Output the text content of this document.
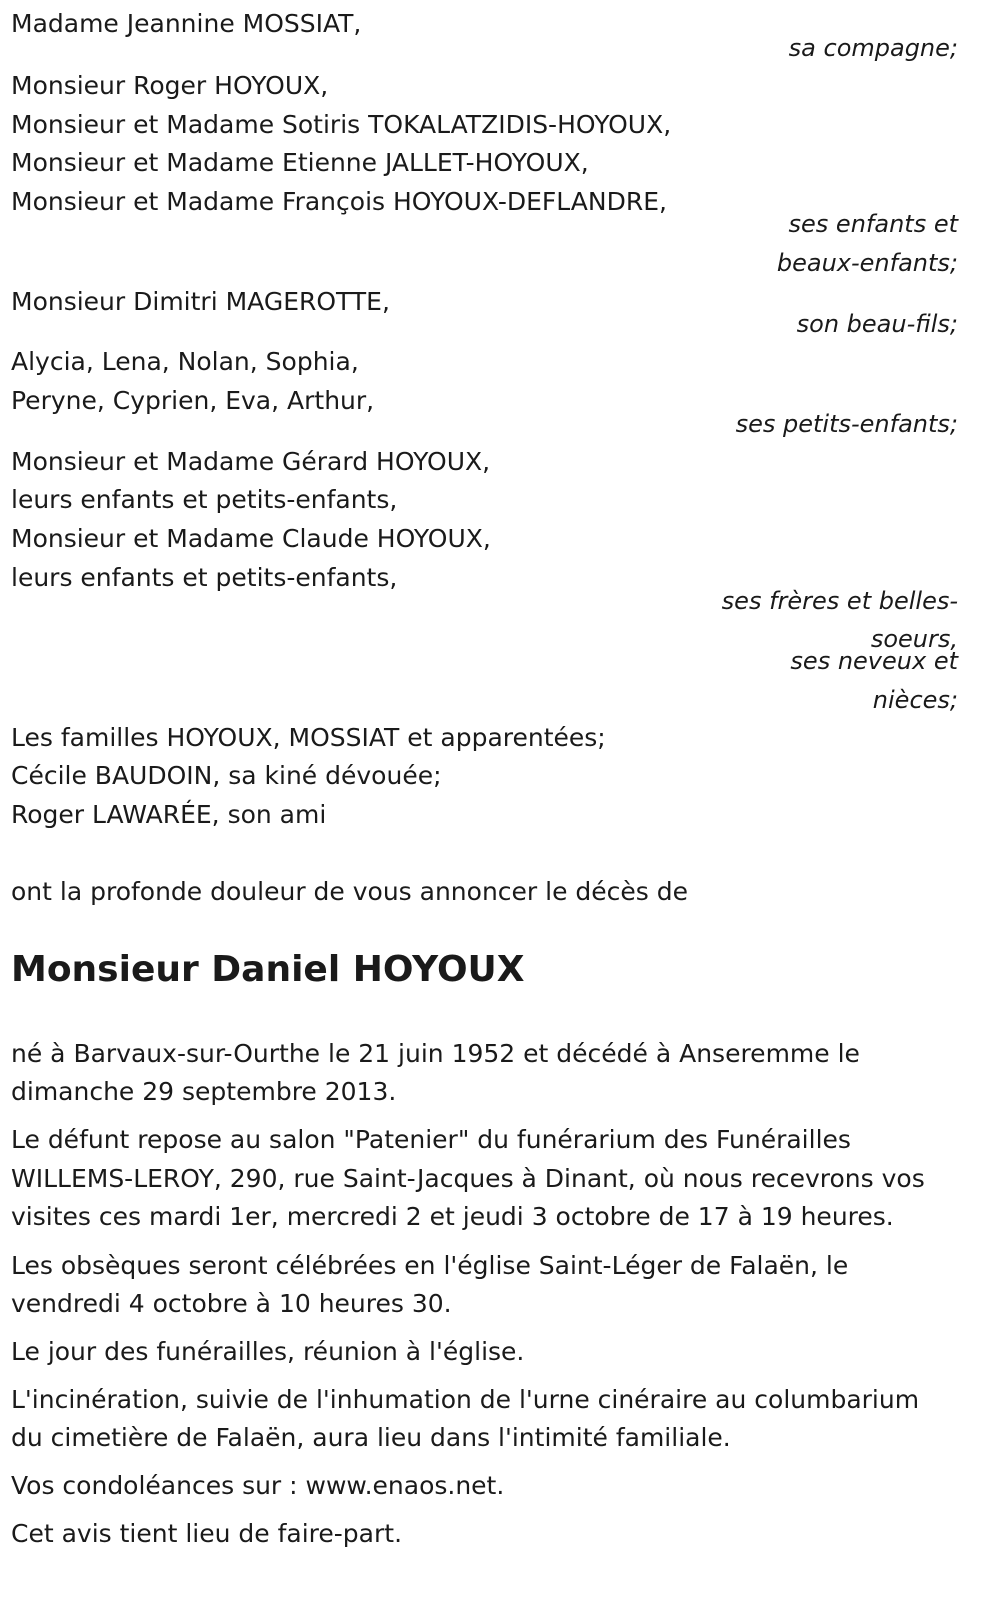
Madame Jeannine MOSSIAT,
sa compagne;
Monsieur Roger HOYOUX,
Monsieur et Madame Sotiris TOKALATZIDIS-HOYOUX,
Monsieur et Madame Etienne JALLET-HOYOUX,
Monsieur et Madame François HOYOUX-DEFLANDRE,
ses enfants et
beaux-enfants;
Monsieur Dimitri MAGEROTTE,
son beau-fils;
Alycia, Lena, Nolan, Sophia,
Peryne, Cyprien, Eva, Arthur,
ses petits-enfants;
Monsieur et Madame Gérard HOYOUX,
leurs enfants et petits-enfants,
Monsieur et Madame Claude HOYOUX,
leurs enfants et petits-enfants,
ses frères et belles-
soeurs,
ses neveux et
nièces;
Les familles HOYOUX, MOSSIAT et apparentées;
Cécile BAUDOIN, sa kiné dévouée;
Roger LAWARÉE, son ami
ont la profonde douleur de vous annoncer le décès de
Monsieur Daniel HOYOUX
né à Barvaux-sur-Ourthe le 21 juin 1952 et décédé à Anseremme le
dimanche 29 septembre 2013.
Le défunt repose au salon "Patenier" du funérarium des Funérailles
WILLEMS-LEROY, 290, rue Saint-Jacques à Dinant, où nous recevrons vos
visites ces mardi 1er, mercredi 2 et jeudi 3 octobre de 17 à 19 heures.
Les obsèques seront célébrées en l'église Saint-Léger de Falaën, le
vendredi 4 octobre à 10 heures 30.
Le jour des funérailles, réunion à l'église.
L'incinération, suivie de l'inhumation de l'urne cinéraire au columbarium
du cimetière de Falaën, aura lieu dans l'intimité familiale.
Vos condoléances sur : www.enaos.net.
Cet avis tient lieu de faire-part.
